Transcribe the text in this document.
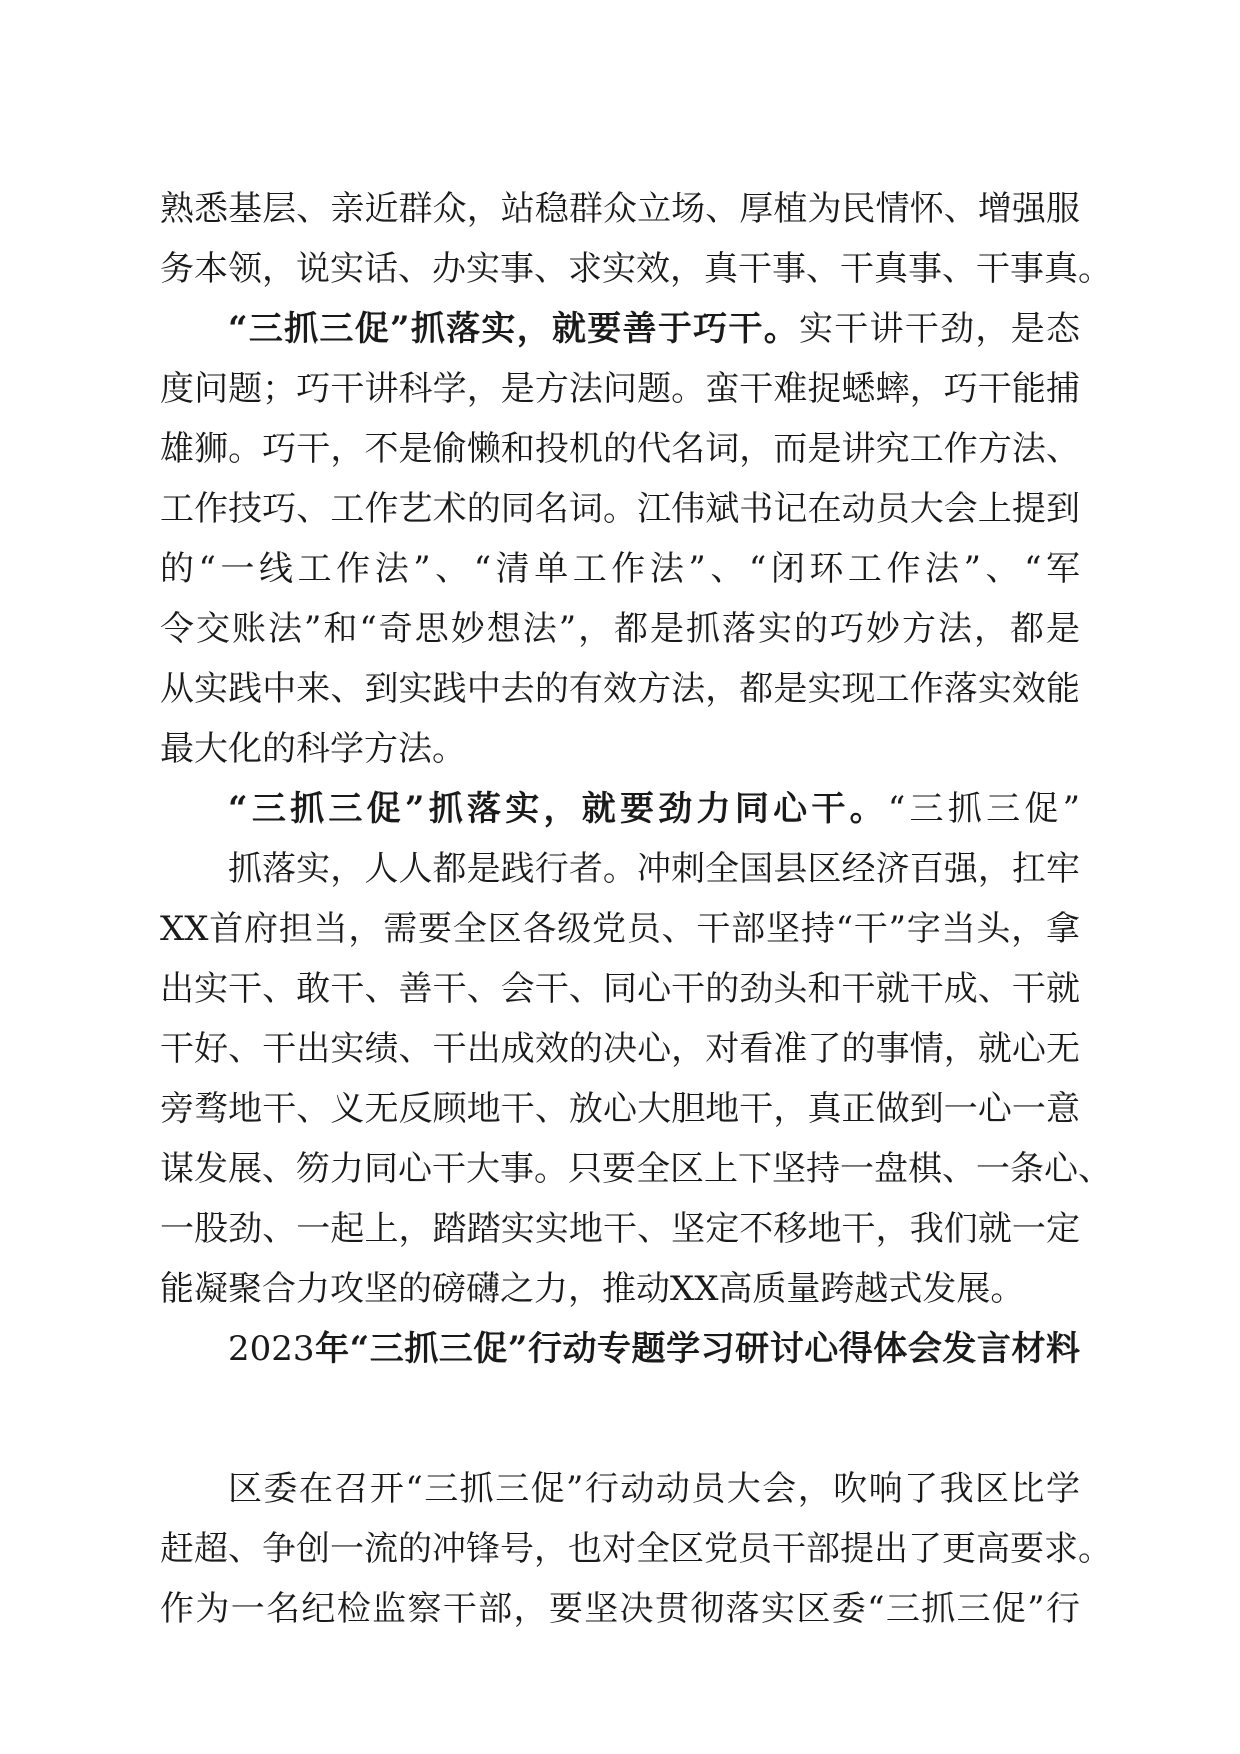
熟悉基层、亲近群众，站稳群众立场、厚植为民情怀、增强服
务本领，说实话、办实事、求实效，真干事、干真事、干事真。
“三抓三促”抓落实，就要善于巧干。实干讲干劲，是态
度问题；巧干讲科学，是方法问题。蛮干难捉蟋蟀，巧干能捕
雄狮。巧干，不是偷懒和投机的代名词，而是讲究工作方法、
工作技巧、工作艺术的同名词。江伟斌书记在动员大会上提到
的“一线工作法”、“清单工作法”、“闭环工作法”、“军
令交账法”和“奇思妙想法”，都是抓落实的巧妙方法，都是
从实践中来、到实践中去的有效方法，都是实现工作落实效能
最大化的科学方法。
“三抓三促”抓落实，就要劲力同心干。“三抓三促”
抓落实，人人都是践行者。冲刺全国县区经济百强，扛牢
XX首府担当，需要全区各级党员、干部坚持“干”字当头，拿
出实干、敢干、善干、会干、同心干的劲头和干就干成、干就
干好、干出实绩、干出成效的决心，对看准了的事情，就心无
旁骛地干、义无反顾地干、放心大胆地干，真正做到一心一意
谋发展、笏力同心干大事。只要全区上下坚持一盘棋、一条心、
一股劲、一起上，踏踏实实地干、坚定不移地干，我们就一定
能凝聚合力攻坚的磅礴之力，推动XX高质量跨越式发展。
2023年“三抓三促”行动专题学习研讨心得体会发言材料
区委在召开“三抓三促”行动动员大会，吹响了我区比学
赶超、争创一流的冲锋号，也对全区党员干部提出了更高要求。
作为一名纪检监察干部，要坚决贯彻落实区委“三抓三促”行
